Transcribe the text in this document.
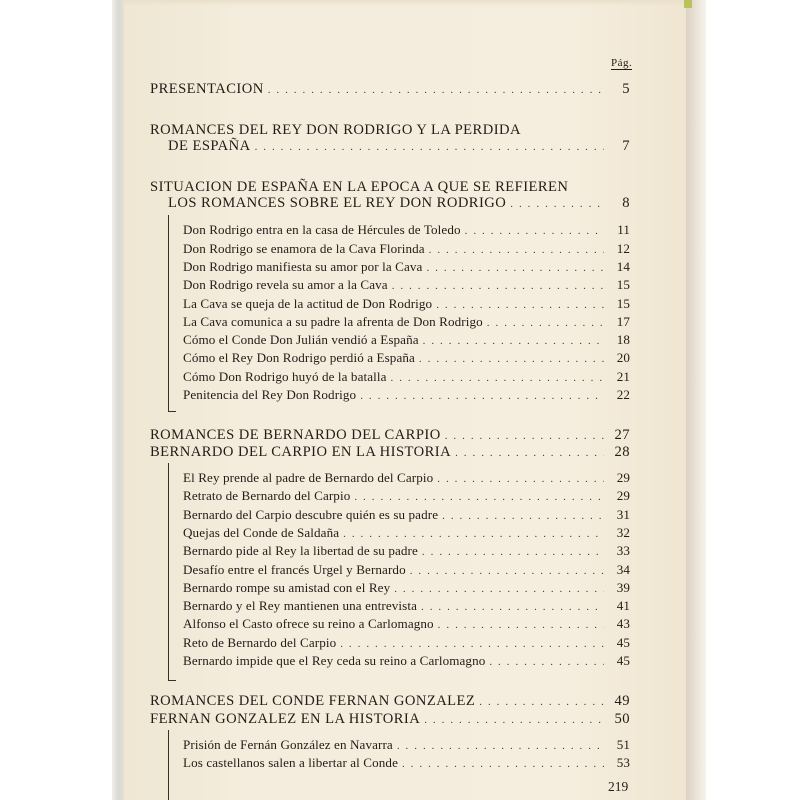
Pág.
PRESENTACION . . .	5
ROMANCES DEL REY DON RODRIGO Y LA PERDIDA
DE ESPAÑA . . .	7
SITUACION DE ESPAÑA EN LA EPOCA A QUE SE REFIEREN
LOS ROMANCES SOBRE EL REY DON RODRIGO . . .	8
Don Rodrigo entra en la casa de Hércules de Toledo . . .	11
Don Rodrigo se enamora de la Cava Florinda . . .	12
Don Rodrigo manifiesta su amor por la Cava . . .	14
Don Rodrigo revela su amor a la Cava . . .	15
La Cava se queja de la actitud de Don Rodrigo . . .	15
La Cava comunica a su padre la afrenta de Don Rodrigo . . .	17
Cómo el Conde Don Julián vendió a España . . .	18
Cómo el Rey Don Rodrigo perdió a España . . .	20
Cómo Don Rodrigo huyó de la batalla . . .	21
Penitencia del Rey Don Rodrigo . . .	22
ROMANCES DE BERNARDO DEL CARPIO . . .	27
BERNARDO DEL CARPIO EN LA HISTORIA . . .	28
El Rey prende al padre de Bernardo del Carpio . . .	29
Retrato de Bernardo del Carpio . . .	29
Bernardo del Carpio descubre quién es su padre . . .	31
Quejas del Conde de Saldaña . . .	32
Bernardo pide al Rey la libertad de su padre . . .	33
Desafío entre el francés Urgel y Bernardo . . .	34
Bernardo rompe su amistad con el Rey . . .	39
Bernardo y el Rey mantienen una entrevista . . .	41
Alfonso el Casto ofrece su reino a Carlomagno . . .	43
Reto de Bernardo del Carpio . . .	45
Bernardo impide que el Rey ceda su reino a Carlomagno . . .	45
ROMANCES DEL CONDE FERNAN GONZALEZ . . .	49
FERNAN GONZALEZ EN LA HISTORIA . . .	50
Prisión de Fernán González en Navarra . . .	51
Los castellanos salen a libertar al Conde . . .	53
219
